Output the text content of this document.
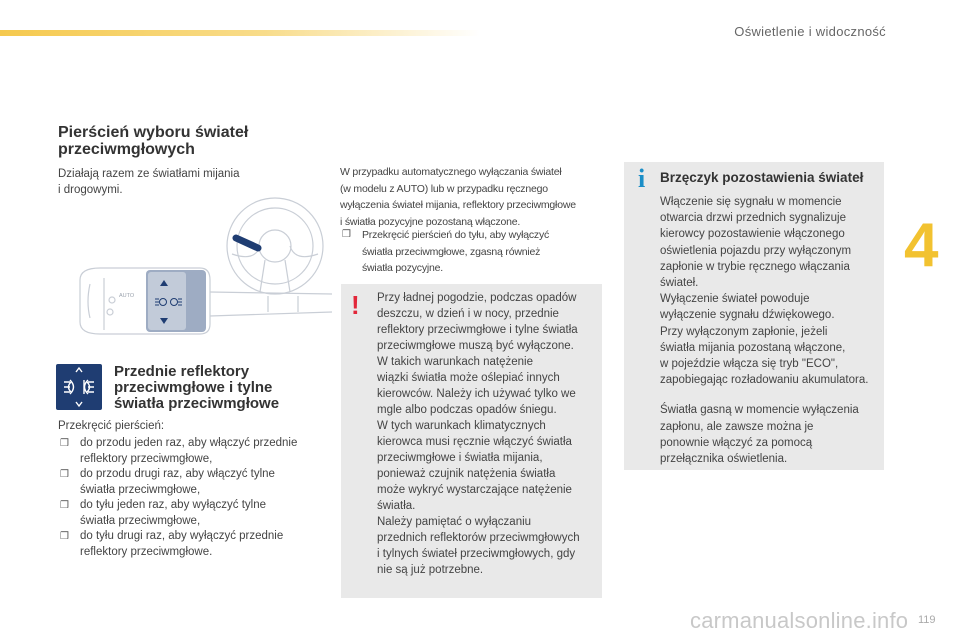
Oświetlenie i widoczność
4
Pierścień wyboru świateł
przeciwmgłowych
Działają razem ze światłami mijania
i drogowymi.
AUTO
Przednie reflektory
przeciwmgłowe i tylne
światła przeciwmgłowe
Przekręcić pierścień:
❒ do przodu jeden raz, aby włączyć przednie
reflektory przeciwmgłowe,
❒ do przodu drugi raz, aby włączyć tylne
światła przeciwmgłowe,
❒ do tyłu jeden raz, aby wyłączyć tylne
światła przeciwmgłowe,
❒ do tyłu drugi raz, aby wyłączyć przednie
reflektory przeciwmgłowe.
W przypadku automatycznego wyłączania świateł
(w modelu z AUTO) lub w przypadku ręcznego
wyłączenia świateł mijania, reflektory przeciwmgłowe
i światła pozycyjne pozostaną włączone.
❒ Przekręcić pierścień do tyłu, aby wyłączyć
światła przeciwmgłowe, zgasną również
światła pozycyjne.
! Przy ładnej pogodzie, podczas opadów

deszczu, w dzień i w nocy, przednie

reflektory przeciwmgłowe i tylne światła

przeciwmgłowe muszą być wyłączone.

W takich warunkach natężenie

wiązki światła może oślepiać innych

kierowców. Należy ich używać tylko we

mgle albo podczas opadów śniegu.

W tych warunkach klimatycznych

kierowca musi ręcznie włączyć światła

przeciwmgłowe i światła mijania,

ponieważ czujnik natężenia światła

może wykryć wystarczające natężenie

światła.

Należy pamiętać o wyłączaniu

przednich reflektorów przeciwmgłowych

i tylnych świateł przeciwmgłowych, gdy

nie są już potrzebne.

i Brzęczyk pozostawienia świateł

Włączenie się sygnału w momencie

otwarcia drzwi przednich sygnalizuje

kierowcy pozostawienie włączonego

oświetlenia pojazdu przy wyłączonym

zapłonie w trybie ręcznego włączania

świateł.

Wyłączenie świateł powoduje

wyłączenie sygnału dźwiękowego.

Przy wyłączonym zapłonie, jeżeli

światła mijania pozostaną włączone,

w pojeździe włącza się tryb "ECO",

zapobiegając rozładowaniu akumulatora.

Światła gasną w momencie wyłączenia

zapłonu, ale zawsze można je

ponownie włączyć za pomocą

przełącznika oświetlenia.

carmanualsonline.info 119
